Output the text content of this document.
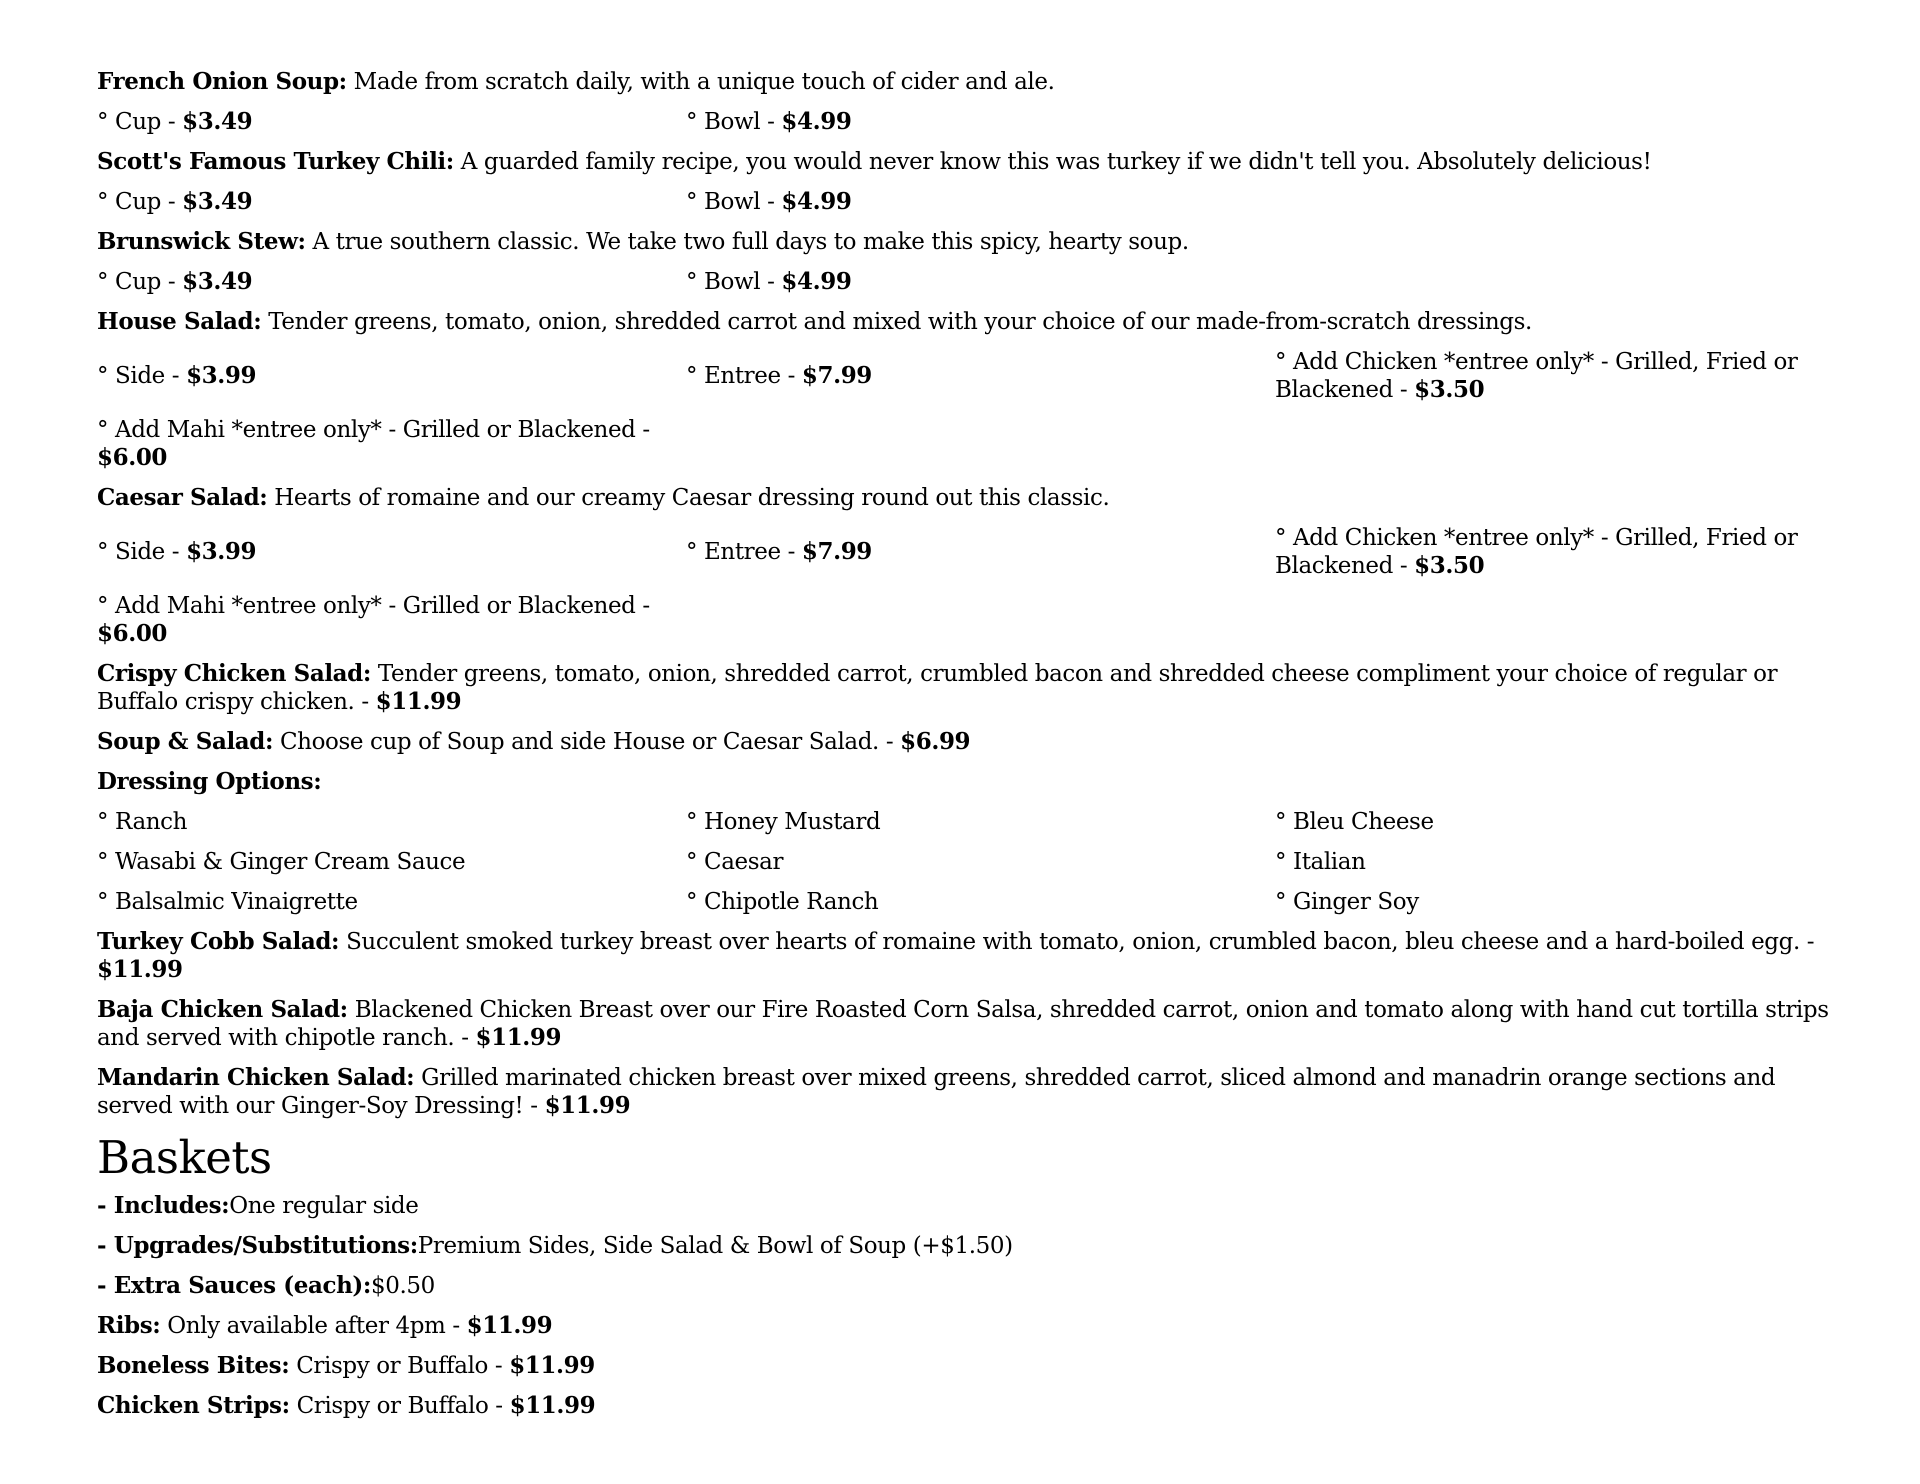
French Onion Soup: Made from scratch daily, with a unique touch of cider and ale.
° Cup - $3.49 °	Bowl - $4.99
Scott's Famous Turkey Chili: A guarded family recipe, you would never know this was turkey if we didn't tell you. Absolutely delicious!
° Cup - $3.49 °	Bowl - $4.99
Brunswick Stew: A true southern classic. We take two full days to make this spicy, hearty soup.
° Cup - $3.49 °	Bowl - $4.99
House Salad: Tender greens, tomato, onion, shredded carrot and mixed with your choice of our made-from-scratch dressings.
° Side - $3.99 °	Entree - $7.99 °	Add Chicken *entree only* - Grilled, Fried or Blackened - $3.50
° Add Mahi *entree only* - Grilled or Blackened - $6.00
Caesar Salad: Hearts of romaine and our creamy Caesar dressing round out this classic.
° Side - $3.99 °	Entree - $7.99 °	Add Chicken *entree only* - Grilled, Fried or Blackened - $3.50
° Add Mahi *entree only* - Grilled or Blackened - $6.00
Crispy Chicken Salad: Tender greens, tomato, onion, shredded carrot, crumbled bacon and shredded cheese compliment your choice of regular or Buffalo crispy chicken. - $11.99
Soup & Salad: Choose cup of Soup and side House or Caesar Salad. - $6.99
Dressing Options:
° Ranch °	Honey Mustard °	Bleu Cheese
° Wasabi & Ginger Cream Sauce °	Caesar °	Italian
° Balsalmic Vinaigrette °	Chipotle Ranch °	Ginger Soy
Turkey Cobb Salad: Succulent smoked turkey breast over hearts of romaine with tomato, onion, crumbled bacon, bleu cheese and a hard-boiled egg. - $11.99
Baja Chicken Salad: Blackened Chicken Breast over our Fire Roasted Corn Salsa, shredded carrot, onion and tomato along with hand cut tortilla strips and served with chipotle ranch. - $11.99
Mandarin Chicken Salad: Grilled marinated chicken breast over mixed greens, shredded carrot, sliced almond and manadrin orange sections and served with our Ginger-Soy Dressing! - $11.99
Baskets
- Includes:One regular side
- Upgrades/Substitutions:Premium Sides, Side Salad & Bowl of Soup (+$1.50)
- Extra Sauces (each):$0.50
Ribs: Only available after 4pm - $11.99
Boneless Bites: Crispy or Buffalo - $11.99
Chicken Strips: Crispy or Buffalo - $11.99
